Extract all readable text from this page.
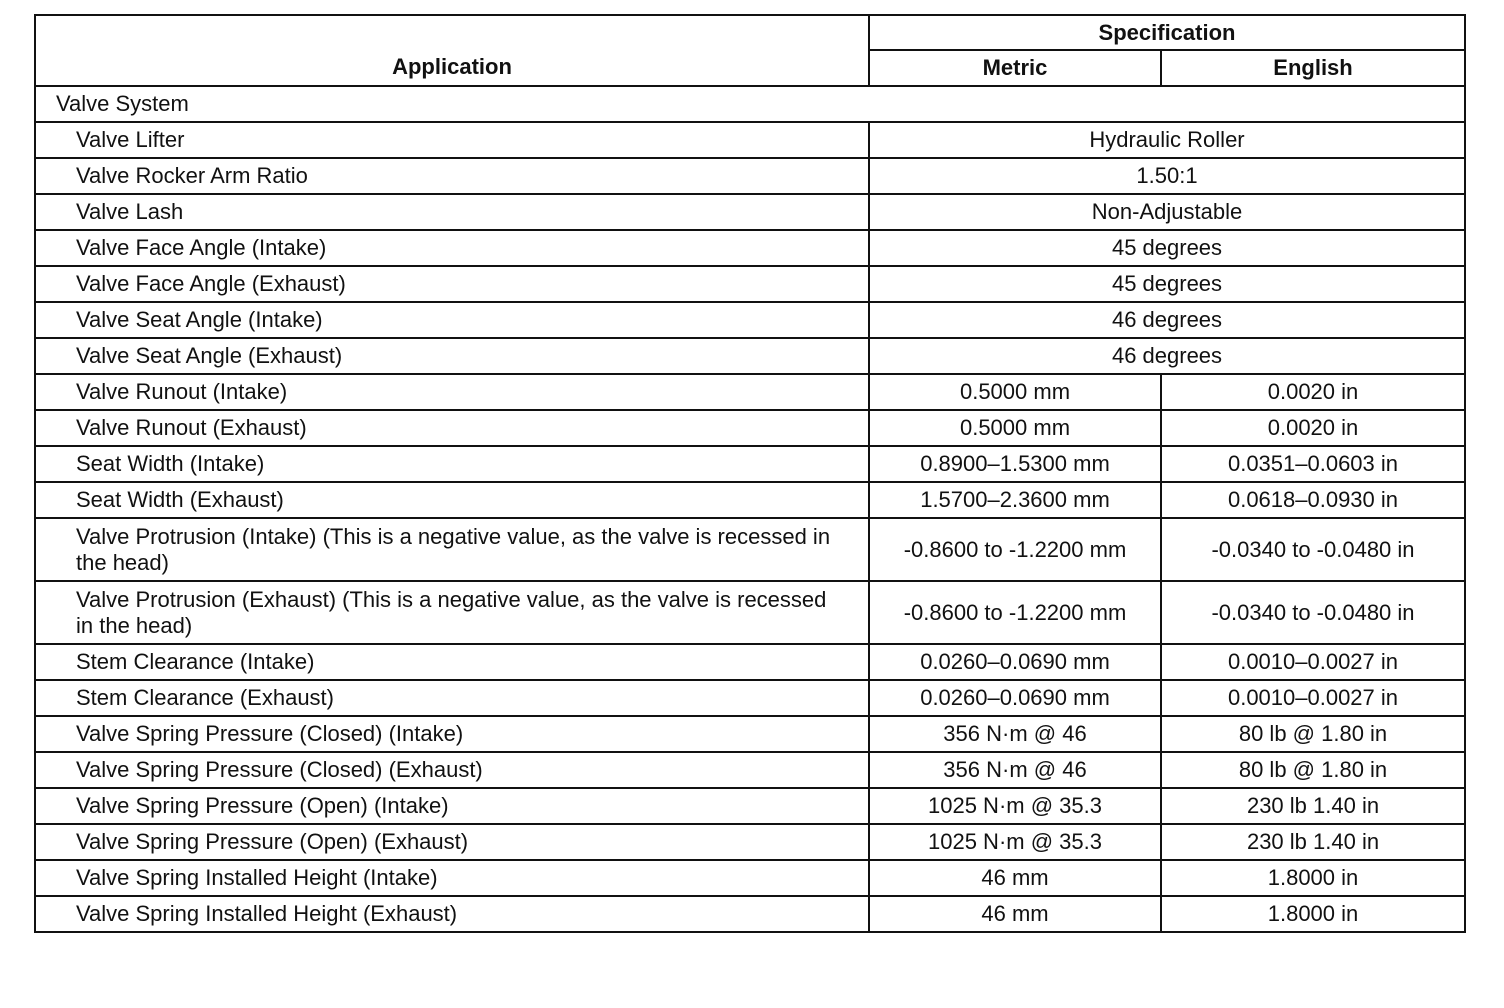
Application	Specification	
	Metric	English
Valve System		
Valve Lifter	Hydraulic Roller	
Valve Rocker Arm Ratio	1.50:1	
Valve Lash	Non-Adjustable	
Valve Face Angle (Intake)	45 degrees	
Valve Face Angle (Exhaust)	45 degrees	
Valve Seat Angle (Intake)	46 degrees	
Valve Seat Angle (Exhaust)	46 degrees	
Valve Runout (Intake)	0.5000 mm	0.0020 in
Valve Runout (Exhaust)	0.5000 mm	0.0020 in
Seat Width (Intake)	0.8900–1.5300 mm	0.0351–0.0603 in
Seat Width (Exhaust)	1.5700–2.3600 mm	0.0618–0.0930 in
Valve Protrusion (Intake) (This is a negative value, as the valve is recessed in the head)	-0.8600 to -1.2200 mm	-0.0340 to -0.0480 in
Valve Protrusion (Exhaust) (This is a negative value, as the valve is recessed in the head)	-0.8600 to -1.2200 mm	-0.0340 to -0.0480 in
Stem Clearance (Intake)	0.0260–0.0690 mm	0.0010–0.0027 in
Stem Clearance (Exhaust)	0.0260–0.0690 mm	0.0010–0.0027 in
Valve Spring Pressure (Closed) (Intake)	356 N·m @ 46	80 lb @ 1.80 in
Valve Spring Pressure (Closed) (Exhaust)	356 N·m @ 46	80 lb @ 1.80 in
Valve Spring Pressure (Open) (Intake)	1025 N·m @ 35.3	230 lb 1.40 in
Valve Spring Pressure (Open) (Exhaust)	1025 N·m @ 35.3	230 lb 1.40 in
Valve Spring Installed Height (Intake)	46 mm	1.8000 in
Valve Spring Installed Height (Exhaust)	46 mm	1.8000 in
